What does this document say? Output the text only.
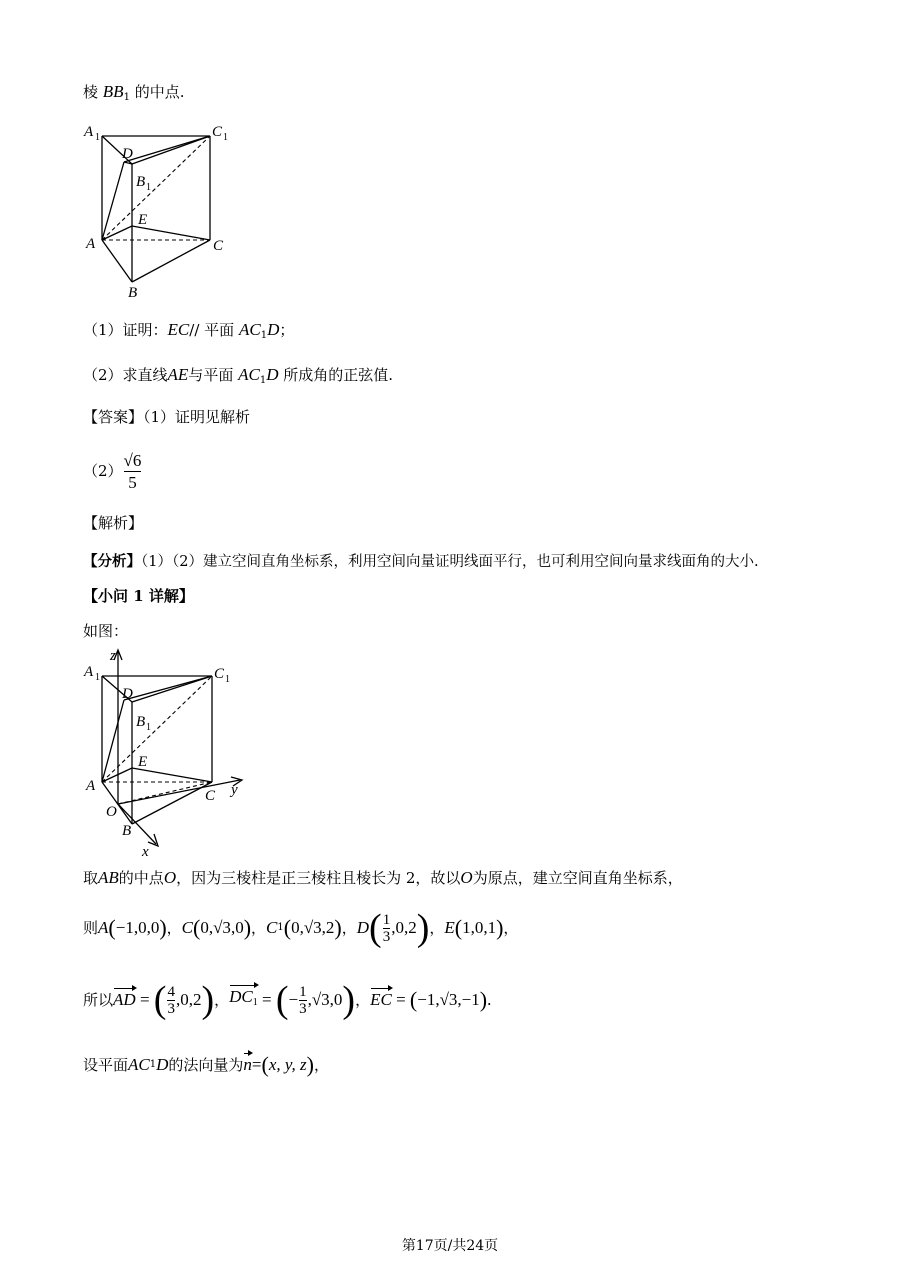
棱 $BB_1$ 的中点.
A 1	C 1
D
B 1
E
A	C
B
（1）证明：EC// 平面 $AC_1D$；
（2）求直线AE与平面 $AC_1D$ 所成角的正弦值.
【答案】（1）证明见解析
$(2) \frac{√6}{5}$
【解析】
【分析】（1）（2）建立空间直角坐标系，利用空间向量证明线面平行，也可利用空间向量求线面角的大小.
【小问 1 详解】
如图：
z
A 1	C 1
D
B 1
E
A
C y
O
B
x
取AB的中点O，因为三棱柱是正三棱柱且棱长为 2，故以O为原点，建立空间直角坐标系，
则 A ( −1,0,0 ) ， C ( 0, √3 ,0 ) ， C 1 ( 0, √3 ,2 ) ， D ( $\frac{1}{3} ,0,2$ ) ， E ( 1,0,1 ) ，
所以 AD = ( $\frac{4}{3} ,0,2$ ) ， $DC_1$ = ( − $\frac{1}{3} ,√3,0$ ) ， EC = ( −1,√3,−1 ) .
设平面 AC 1 D 的法向量为 n = ( x, y, z ) ，
第17页/共24页
